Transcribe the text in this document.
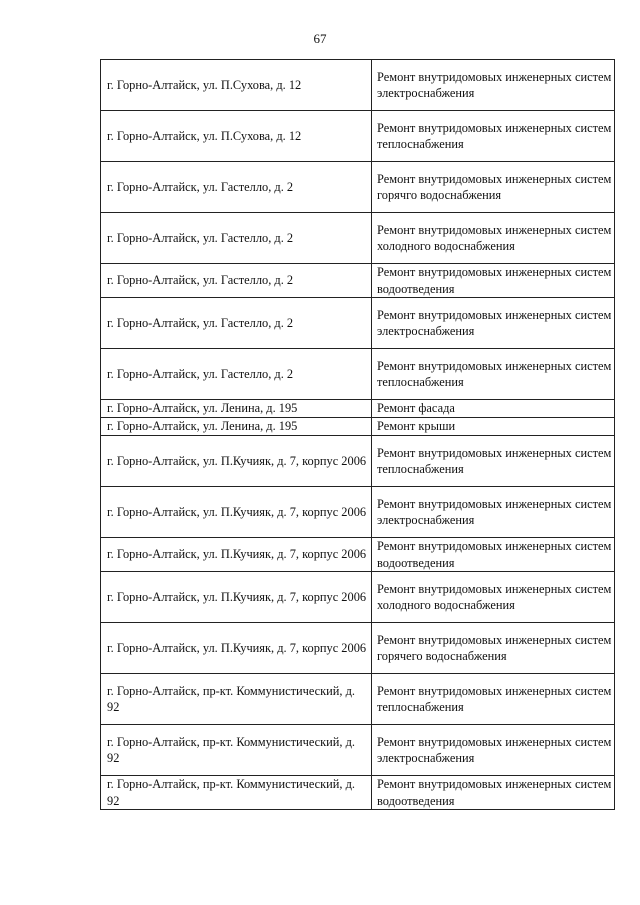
67
г. Горно-Алтайск, ул. П.Сухова, д. 12	Ремонт внутридомовых инженерных систем электроснабжения
г. Горно-Алтайск, ул. П.Сухова, д. 12	Ремонт внутридомовых инженерных систем теплоснабжения
г. Горно-Алтайск, ул. Гастелло, д. 2	Ремонт внутридомовых инженерных систем горячго водоснабжения
г. Горно-Алтайск, ул. Гастелло, д. 2	Ремонт внутридомовых инженерных систем холодного водоснабжения
г. Горно-Алтайск, ул. Гастелло, д. 2	Ремонт внутридомовых инженерных систем водоотведения
г. Горно-Алтайск, ул. Гастелло, д. 2	Ремонт внутридомовых инженерных систем электроснабжения
г. Горно-Алтайск, ул. Гастелло, д. 2	Ремонт внутридомовых инженерных систем теплоснабжения
г. Горно-Алтайск, ул. Ленина, д. 195	Ремонт фасада
г. Горно-Алтайск, ул. Ленина, д. 195	Ремонт крыши
г. Горно-Алтайск, ул. П.Кучияк, д. 7, корпус 2006	Ремонт внутридомовых инженерных систем теплоснабжения
г. Горно-Алтайск, ул. П.Кучияк, д. 7, корпус 2006	Ремонт внутридомовых инженерных систем электроснабжения
г. Горно-Алтайск, ул. П.Кучияк, д. 7, корпус 2006	Ремонт внутридомовых инженерных систем водоотведения
г. Горно-Алтайск, ул. П.Кучияк, д. 7, корпус 2006	Ремонт внутридомовых инженерных систем холодного водоснабжения
г. Горно-Алтайск, ул. П.Кучияк, д. 7, корпус 2006	Ремонт внутридомовых инженерных систем горячего водоснабжения
г. Горно-Алтайск, пр-кт. Коммунистический, д. 92	Ремонт внутридомовых инженерных систем теплоснабжения
г. Горно-Алтайск, пр-кт. Коммунистический, д. 92	Ремонт внутридомовых инженерных систем электроснабжения
г. Горно-Алтайск, пр-кт. Коммунистический, д. 92	Ремонт внутридомовых инженерных систем водоотведения
